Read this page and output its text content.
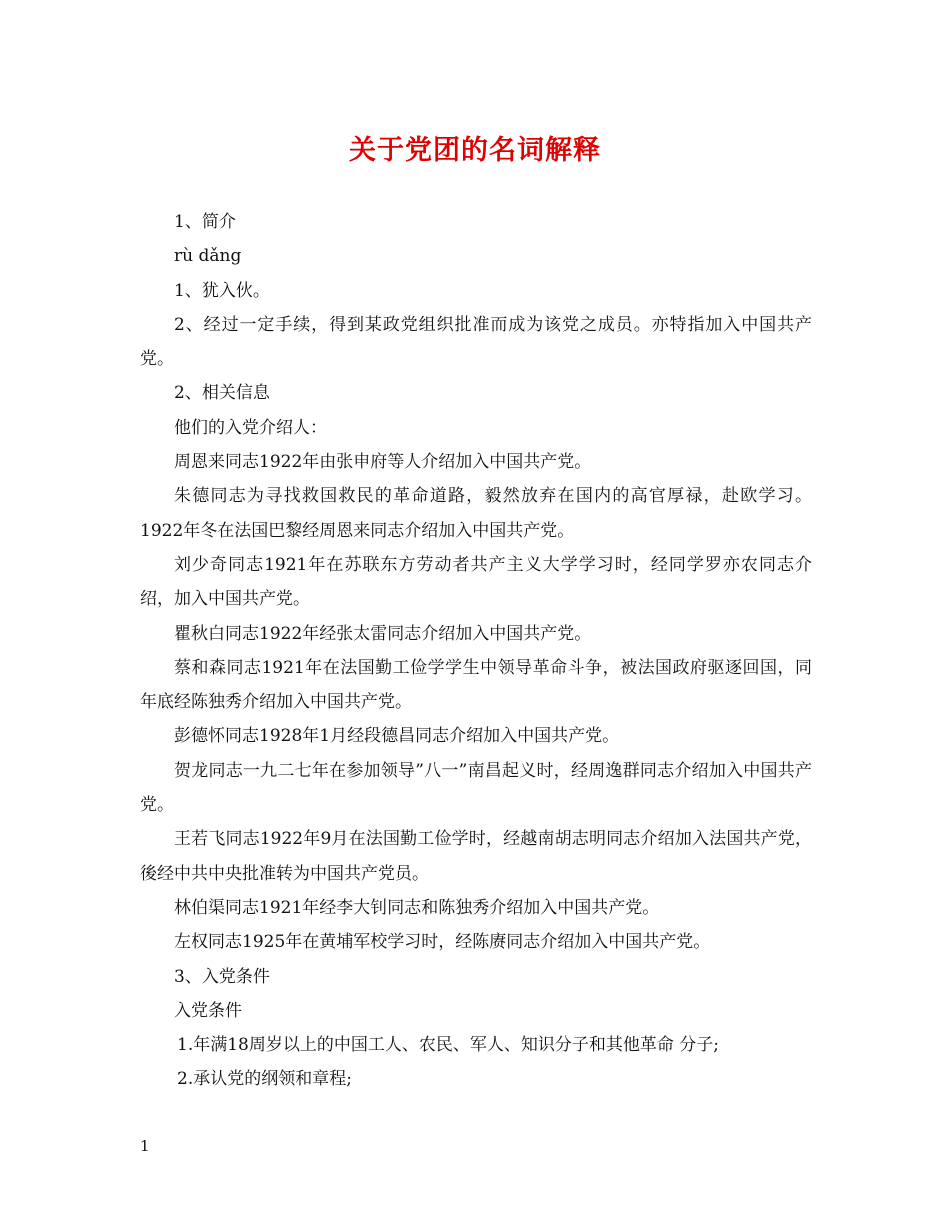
关于党团的名词解释

1、简介

rù dǎng

1、犹入伙。

2、经过一定手续，得到某政党组织批准而成为该党之成员。亦特指加入中国共产党。

2、相关信息

他们的入党介绍人：

周恩来同志1922年由张申府等人介绍加入中国共产党。

朱德同志为寻找救国救民的革命道路，毅然放弃在国内的高官厚禄，赴欧学习。1922年冬在法国巴黎经周恩来同志介绍加入中国共产党。

刘少奇同志1921年在苏联东方劳动者共产主义大学学习时，经同学罗亦农同志介绍，加入中国共产党。

瞿秋白同志1922年经张太雷同志介绍加入中国共产党。

蔡和森同志1921年在法国勤工俭学学生中领导革命斗争，被法国政府驱逐回国，同年底经陈独秀介绍加入中国共产党。

彭德怀同志1928年1月经段德昌同志介绍加入中国共产党。

贺龙同志一九二七年在参加领导”八一”南昌起义时，经周逸群同志介绍加入中国共产党。

王若飞同志1922年9月在法国勤工俭学时，经越南胡志明同志介绍加入法国共产党，後经中共中央批准转为中国共产党员。

林伯渠同志1921年经李大钊同志和陈独秀介绍加入中国共产党。

左权同志1925年在黄埔军校学习时，经陈赓同志介绍加入中国共产党。

3、入党条件

入党条件

1.年满18周岁以上的中国工人、农民、军人、知识分子和其他革命 分子;

2.承认党的纲领和章程;

1
